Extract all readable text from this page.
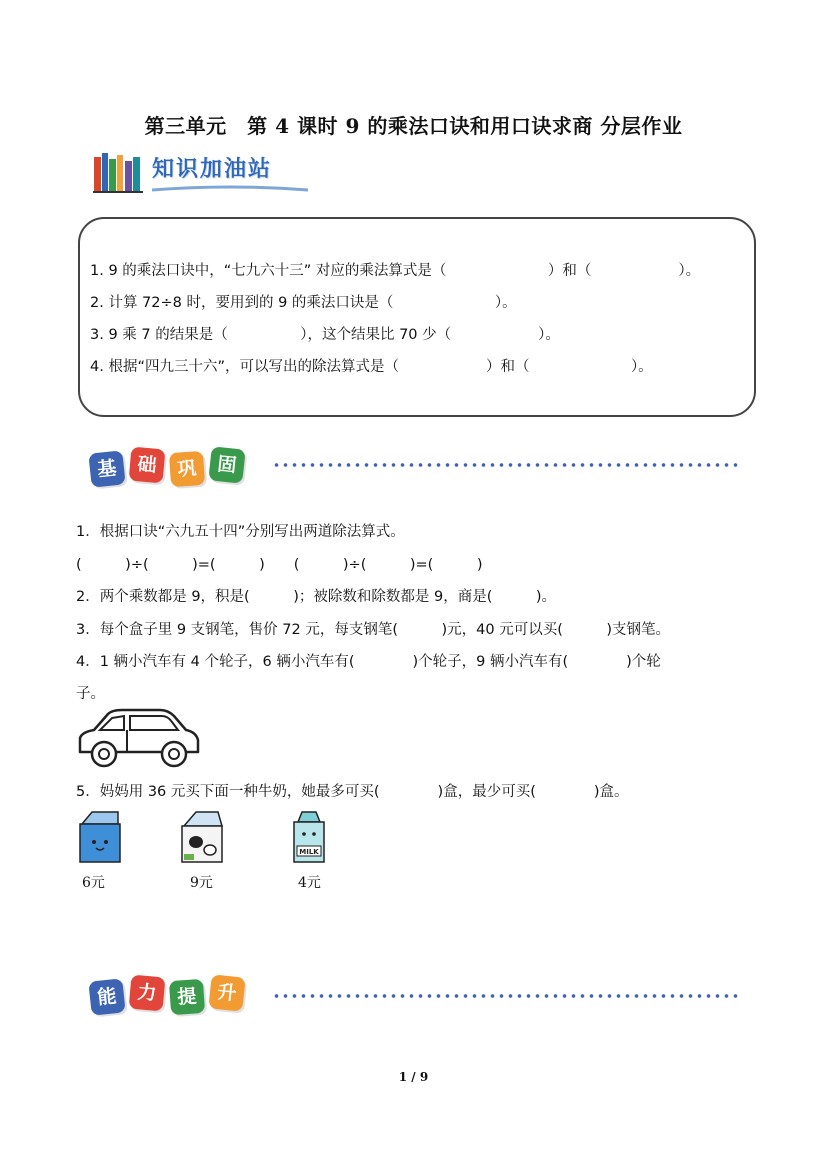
第三单元　第 4 课时 9 的乘法口诀和用口诀求商 分层作业
知识加油站
1. 9 的乘法口诀中，“七九六十三” 对应的乘法算式是（　　　　　　　）和（　　　　　　）。
2. 计算 72÷8 时，要用到的 9 的乘法口诀是（　　　　　　　）。
3. 9 乘 7 的结果是（　　　　　），这个结果比 70 少（　　　　　　）。
4. 根据“四九三十六”，可以写出的除法算式是（　　　　　　）和（　　　　　　　）。
基 础	巩	固
1．根据口诀“六九五十四”分别写出两道除法算式。
(　　　)÷(　　　)=(　　　)　　(　　　)÷(　　　)=(　　　)
2．两个乘数都是 9，积是(　　　)；被除数和除数都是 9，商是(　　　)。
3．每个盒子里 9 支钢笔，售价 72 元，每支钢笔(　　　)元，40 元可以买(　　　)支钢笔。
4．1 辆小汽车有 4 个轮子，6 辆小汽车有(　　　　)个轮子，9 辆小汽车有(　　　　)个轮
子。
5．妈妈用 36 元买下面一种牛奶，她最多可买(　　　　)盒，最少可买(　　　　)盒。
MILK
6元	9元	4元
能 力	提	升
1 / 9
